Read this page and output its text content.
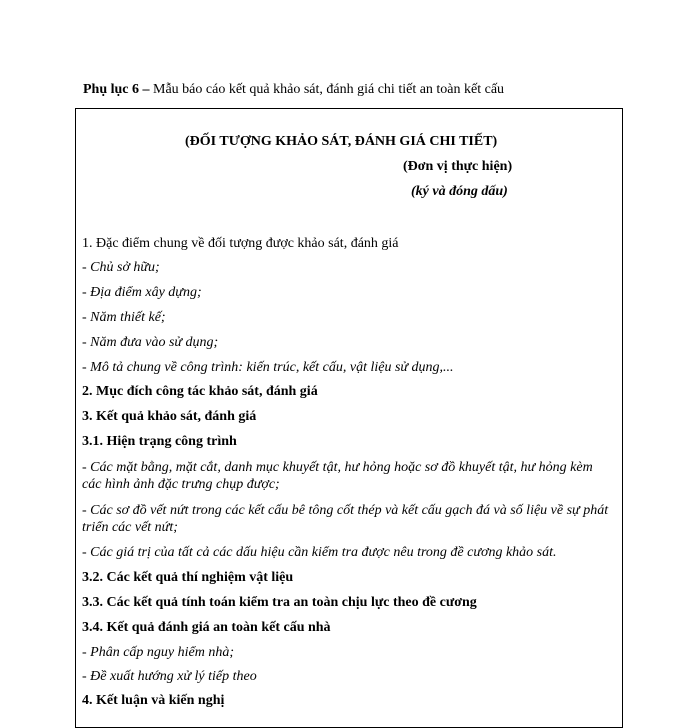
Phụ lục 6 – Mẫu báo cáo kết quả khảo sát, đánh giá chi tiết an toàn kết cấu
(ĐỐI TƯỢNG KHẢO SÁT, ĐÁNH GIÁ CHI TIẾT)
(Đơn vị thực hiện)
(ký và đóng dấu)
1. Đặc điểm chung về đối tượng được khảo sát, đánh giá
- Chủ sở hữu;
- Địa điểm xây dựng;
- Năm thiết kế;
- Năm đưa vào sử dụng;
- Mô tả chung về công trình: kiến trúc, kết cấu, vật liệu sử dụng,...
2. Mục đích công tác khảo sát, đánh giá
3. Kết quả khảo sát, đánh giá
3.1. Hiện trạng công trình
- Các mặt bằng, mặt cắt, danh mục khuyết tật, hư hỏng hoặc sơ đồ khuyết tật, hư hỏng kèm các hình ảnh đặc trưng chụp được;
- Các sơ đồ vết nứt trong các kết cấu bê tông cốt thép và kết cấu gạch đá và số liệu về sự phát triển các vết nứt;
- Các giá trị của tất cả các dấu hiệu cần kiểm tra được nêu trong đề cương khảo sát.
3.2. Các kết quả thí nghiệm vật liệu
3.3. Các kết quả tính toán kiểm tra an toàn chịu lực theo đề cương
3.4. Kết quả đánh giá an toàn kết cấu nhà
- Phân cấp nguy hiểm nhà;
- Đề xuất hướng xử lý tiếp theo
4. Kết luận và kiến nghị
